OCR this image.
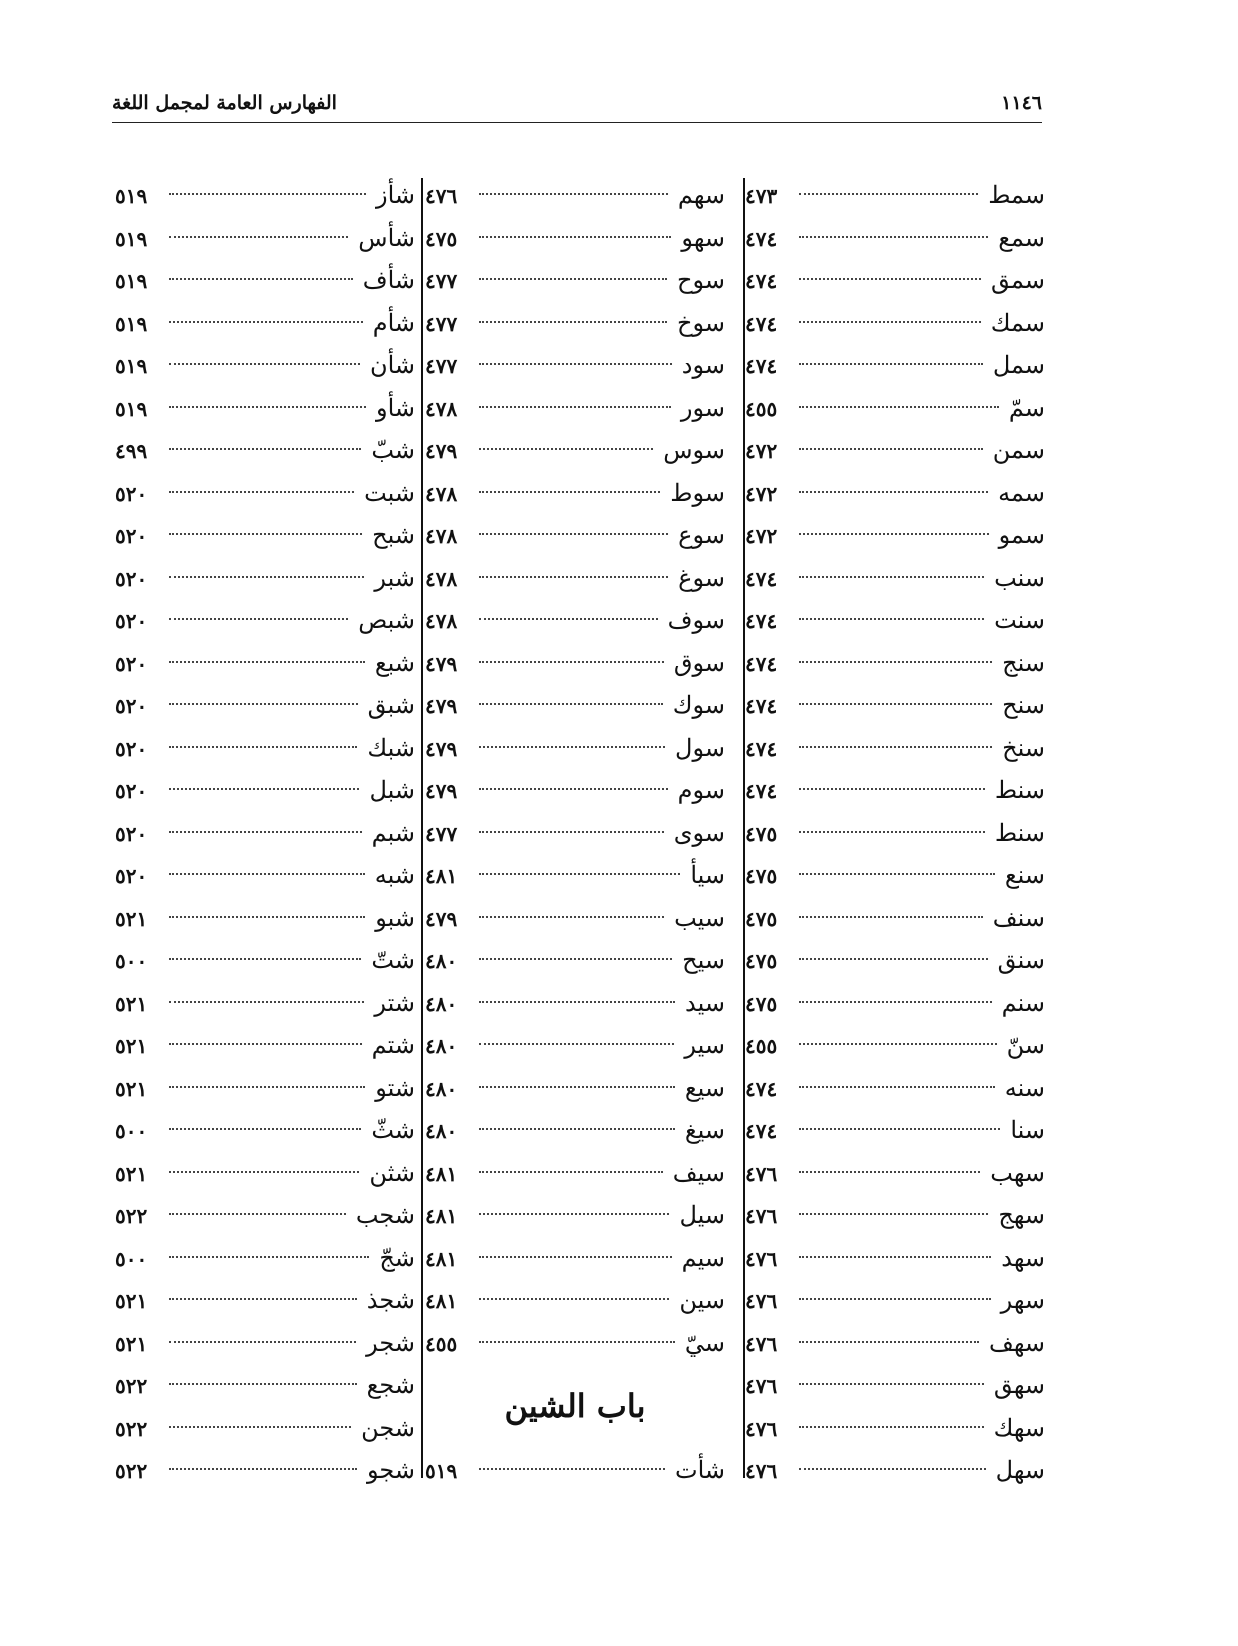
الفهارس العامة لمجمل اللغة	١١٤٦
سمط
٤٧٣
سمع
٤٧٤
سمق
٤٧٤
سمك
٤٧٤
سمل
٤٧٤
سمّ
٤٥٥
سمن
٤٧٢
سمه
٤٧٢
سمو
٤٧٢
سنب
٤٧٤
سنت
٤٧٤
سنج
٤٧٤
سنح
٤٧٤
سنخ
٤٧٤
سنط
٤٧٤
سنط
٤٧٥
سنع
٤٧٥
سنف
٤٧٥
سنق
٤٧٥
سنم
٤٧٥
سنّ
٤٥٥
سنه
٤٧٤
سنا
٤٧٤
سهب
٤٧٦
سهج
٤٧٦
سهد
٤٧٦
سهر
٤٧٦
سهف
٤٧٦
سهق
٤٧٦
سهك
٤٧٦
سهل
٤٧٦
سهم
٤٧٦
سهو
٤٧٥
سوح
٤٧٧
سوخ
٤٧٧
سود
٤٧٧
سور
٤٧٨
سوس
٤٧٩
سوط
٤٧٨
سوع
٤٧٨
سوغ
٤٧٨
سوف
٤٧٨
سوق
٤٧٩
سوك
٤٧٩
سول
٤٧٩
سوم
٤٧٩
سوى
٤٧٧
سيأ
٤٨١
سيب
٤٧٩
سيح
٤٨٠
سيد
٤٨٠
سير
٤٨٠
سيع
٤٨٠
سيغ
٤٨٠
سيف
٤٨١
سيل
٤٨١
سيم
٤٨١
سين
٤٨١
سيّ
٤٥٥
باب الشين
شأت
٥١٩
شأز
٥١٩
شأس
٥١٩
شأف
٥١٩
شأم
٥١٩
شأن
٥١٩
شأو
٥١٩
شبّ
٤٩٩
شبت
٥٢٠
شبح
٥٢٠
شبر
٥٢٠
شبص
٥٢٠
شبع
٥٢٠
شبق
٥٢٠
شبك
٥٢٠
شبل
٥٢٠
شبم
٥٢٠
شبه
٥٢٠
شبو
٥٢١
شتّ
٥٠٠
شتر
٥٢١
شتم
٥٢١
شتو
٥٢١
شثّ
٥٠٠
شثن
٥٢١
شجب
٥٢٢
شجّ
٥٠٠
شجذ
٥٢١
شجر
٥٢١
شجع
٥٢٢
شجن
٥٢٢
شجو
٥٢٢
